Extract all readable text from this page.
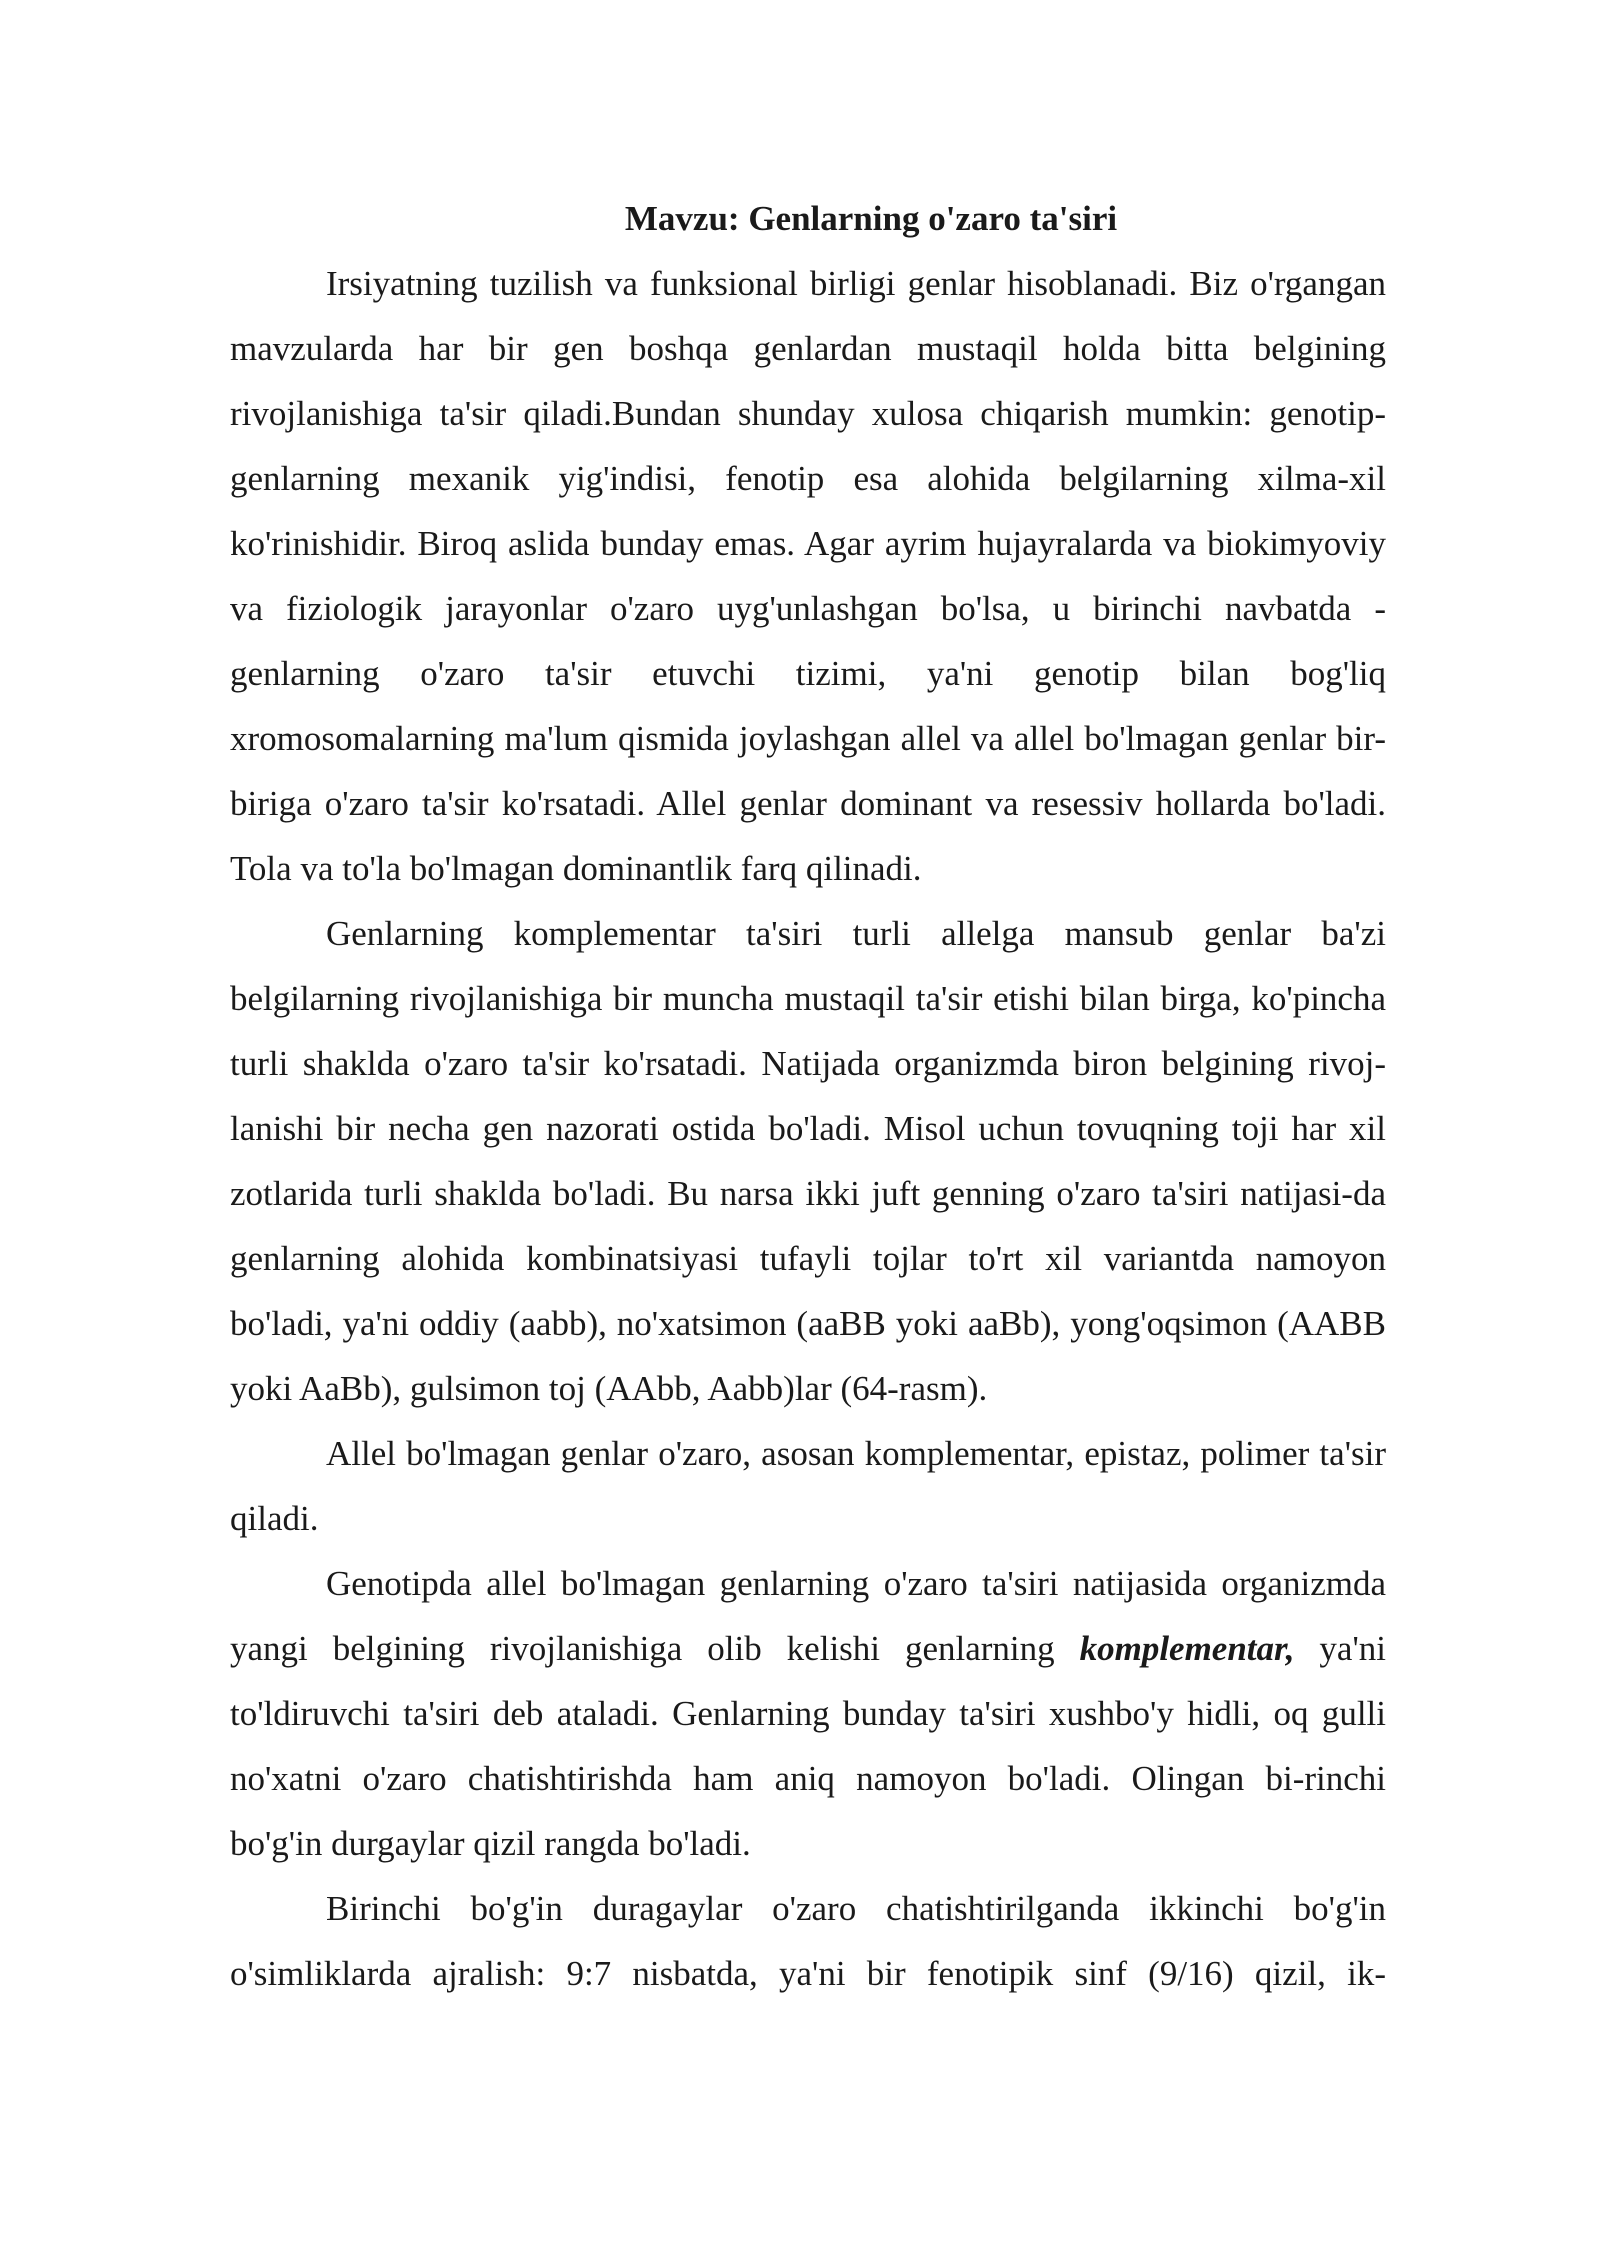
Mavzu: Genlarning o'zaro ta'siri

Irsiyatning tuzilish va funksional birligi genlar hisoblanadi. Biz o'rgangan mavzularda har bir gen boshqa genlardan mustaqil holda bitta belgining rivojlanishiga ta'sir qiladi.Bundan shunday xulosa chiqarish mumkin: genotip-genlarning mexanik yig'indisi, fenotip esa alohida belgilarning xilma-xil ko'rinishidir. Biroq aslida bunday emas. Agar ayrim hujayralarda va biokimyoviy va fiziologik jarayonlar o'zaro uyg'unlashgan bo'lsa, u birinchi navbatda - genlarning o'zaro ta'sir etuvchi tizimi, ya'ni genotip bilan bog'liq xromosomalarning ma'lum qismida joylashgan allel va allel bo'lmagan genlar bir-biriga o'zaro ta'sir ko'rsatadi. Allel genlar dominant va resessiv hollarda bo'ladi. Tola va to'la bo'lmagan dominantlik farq qilinadi.

Genlarning komplementar ta'siri turli allelga mansub genlar ba'zi belgilarning rivojlanishiga bir muncha mustaqil ta'sir etishi bilan birga, ko'pincha turli shaklda o'zaro ta'sir ko'rsatadi. Natijada organizmda biron belgining rivoj-lanishi bir necha gen nazorati ostida bo'ladi. Misol uchun tovuqning toji har xil zotlarida turli shaklda bo'ladi. Bu narsa ikki juft genning o'zaro ta'siri natijasi-da genlarning alohida kombinatsiyasi tufayli tojlar to'rt xil variantda namoyon bo'ladi, ya'ni oddiy (aabb), no'xatsimon (aaBB yoki aaBb), yong'oqsimon (AABB yoki AaBb), gulsimon toj (AAbb, Aabb)lar (64-rasm).

Allel bo'lmagan genlar o'zaro, asosan komplementar, epistaz, polimer ta'sir qiladi.

Genotipda allel bo'lmagan genlarning o'zaro ta'siri natijasida organizmda yangi belgining rivojlanishiga olib kelishi genlarning komplementar, ya'ni to'ldiruvchi ta'siri deb ataladi. Genlarning bunday ta'siri xushbo'y hidli, oq gulli no'xatni o'zaro chatishtirishda ham aniq namoyon bo'ladi. Olingan bi-rinchi bo'g'in durgaylar qizil rangda bo'ladi.

Birinchi bo'g'in duragaylar o'zaro chatishtirilganda ikkinchi bo'g'in o'simliklarda ajralish: 9:7 nisbatda, ya'ni bir fenotipik sinf (9/16) qizil, ik-
